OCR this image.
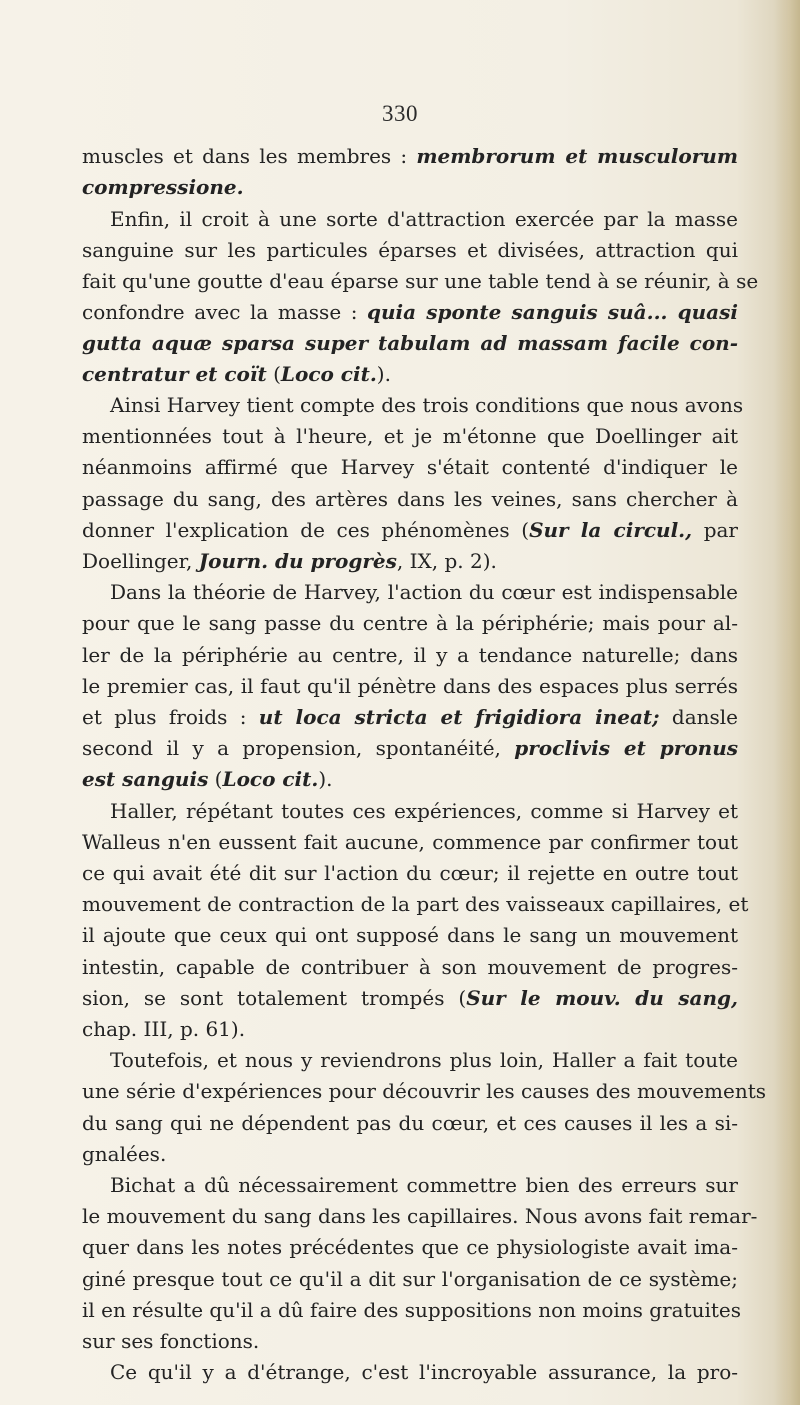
330
muscles et dans les membres : membrorum et musculorum
compressione.
Enfin, il croit à une sorte d'attraction exercée par la masse
sanguine sur les particules éparses et divisées, attraction qui
fait qu'une goutte d'eau éparse sur une table tend à se réunir, à se
confondre avec la masse : quia sponte sanguis suâ... quasi
gutta aquæ sparsa super tabulam ad massam facile con-
centratur et coït (Loco cit.).
Ainsi Harvey tient compte des trois conditions que nous avons
mentionnées tout à l'heure, et je m'étonne que Doellinger ait
néanmoins affirmé que Harvey s'était contenté d'indiquer le
passage du sang, des artères dans les veines, sans chercher à
donner l'explication de ces phénomènes (Sur la circul., par
Doellinger, Journ. du progrès, IX, p. 2).
Dans la théorie de Harvey, l'action du cœur est indispensable
pour que le sang passe du centre à la périphérie; mais pour al-
ler de la périphérie au centre, il y a tendance naturelle; dans
le premier cas, il faut qu'il pénètre dans des espaces plus serrés
et plus froids : ut loca stricta et frigidiora ineat; dansle
second il y a propension, spontanéité, proclivis et pronus
est sanguis (Loco cit.).
Haller, répétant toutes ces expériences, comme si Harvey et
Walleus n'en eussent fait aucune, commence par confirmer tout
ce qui avait été dit sur l'action du cœur; il rejette en outre tout
mouvement de contraction de la part des vaisseaux capillaires, et
il ajoute que ceux qui ont supposé dans le sang un mouvement
intestin, capable de contribuer à son mouvement de progres-
sion, se sont totalement trompés (Sur le mouv. du sang,
chap. III, p. 61).
Toutefois, et nous y reviendrons plus loin, Haller a fait toute
une série d'expériences pour découvrir les causes des mouvements
du sang qui ne dépendent pas du cœur, et ces causes il les a si-
gnalées.
Bichat a dû nécessairement commettre bien des erreurs sur
le mouvement du sang dans les capillaires. Nous avons fait remar-
quer dans les notes précédentes que ce physiologiste avait ima-
giné presque tout ce qu'il a dit sur l'organisation de ce système;
il en résulte qu'il a dû faire des suppositions non moins gratuites
sur ses fonctions.
Ce qu'il y a d'étrange, c'est l'incroyable assurance, la pro-
